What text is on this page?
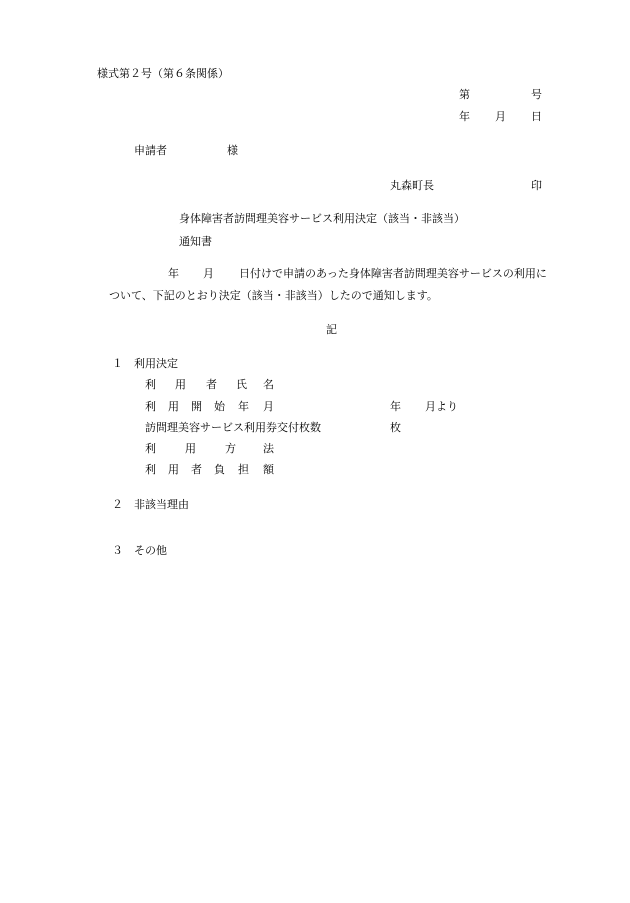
様式第２号（第６条関係）
第	号
年 月 日
申請者	様
丸森町長	印
身体障害者訪問理美容サービス利用決定（該当・非該当）
通知書
年 月 日付けで申請のあった身体障害者訪問理美容サービスの利用に
ついて、下記のとおり決定（該当・非該当）したので通知します。
記
１ 利用決定
利 用 者 氏 名
利 用 開 始 年 月	年 月より
訪問理美容サービス利用券交付枚数	枚
利	用	方 法
利 用 者 負 担 額
２ 非該当理由
３ その他
